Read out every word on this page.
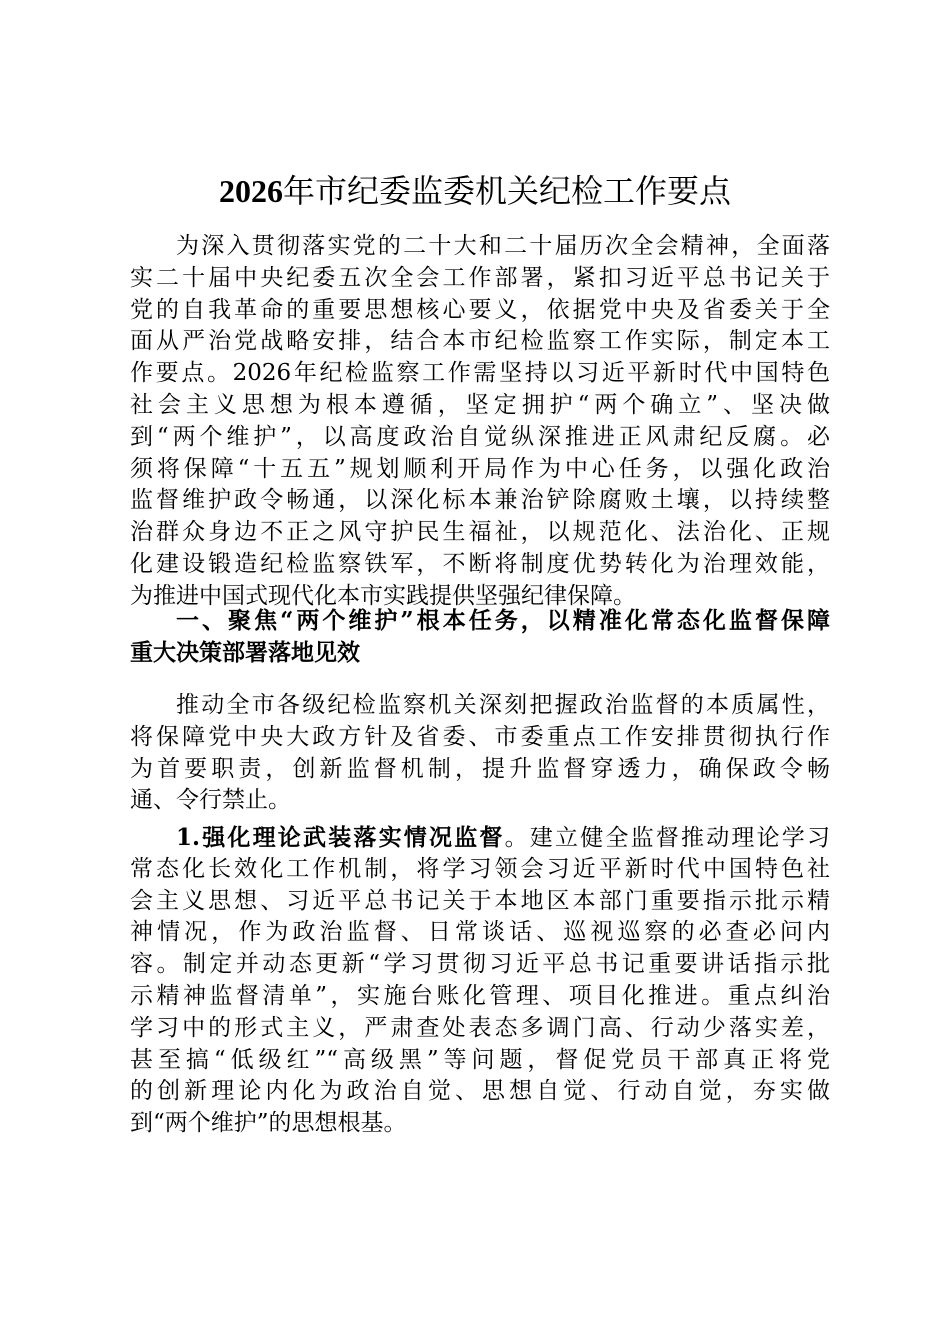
2026年市纪委监委机关纪检工作要点
为深入贯彻落实党的二十大和二十届历次全会精神，全面落
实二十届中央纪委五次全会工作部署，紧扣习近平总书记关于
党的自我革命的重要思想核心要义，依据党中央及省委关于全
面从严治党战略安排，结合本市纪检监察工作实际，制定本工
作要点。2026年纪检监察工作需坚持以习近平新时代中国特色
社会主义思想为根本遵循，坚定拥护“两个确立”、坚决做
到“两个维护”，以高度政治自觉纵深推进正风肃纪反腐。必
须将保障“十五五”规划顺利开局作为中心任务，以强化政治
监督维护政令畅通，以深化标本兼治铲除腐败土壤，以持续整
治群众身边不正之风守护民生福祉，以规范化、法治化、正规
化建设锻造纪检监察铁军，不断将制度优势转化为治理效能，
为推进中国式现代化本市实践提供坚强纪律保障。
一、聚焦“两个维护”根本任务，以精准化常态化监督保障
重大决策部署落地见效
推动全市各级纪检监察机关深刻把握政治监督的本质属性，
将保障党中央大政方针及省委、市委重点工作安排贯彻执行作
为首要职责，创新监督机制，提升监督穿透力，确保政令畅
通、令行禁止。
1.强化理论武装落实情况监督。建立健全监督推动理论学习
常态化长效化工作机制，将学习领会习近平新时代中国特色社
会主义思想、习近平总书记关于本地区本部门重要指示批示精
神情况，作为政治监督、日常谈话、巡视巡察的必查必问内
容。制定并动态更新“学习贯彻习近平总书记重要讲话指示批
示精神监督清单”，实施台账化管理、项目化推进。重点纠治
学习中的形式主义，严肃查处表态多调门高、行动少落实差，
甚至搞“低级红”“高级黑”等问题，督促党员干部真正将党
的创新理论内化为政治自觉、思想自觉、行动自觉，夯实做
到“两个维护”的思想根基。
